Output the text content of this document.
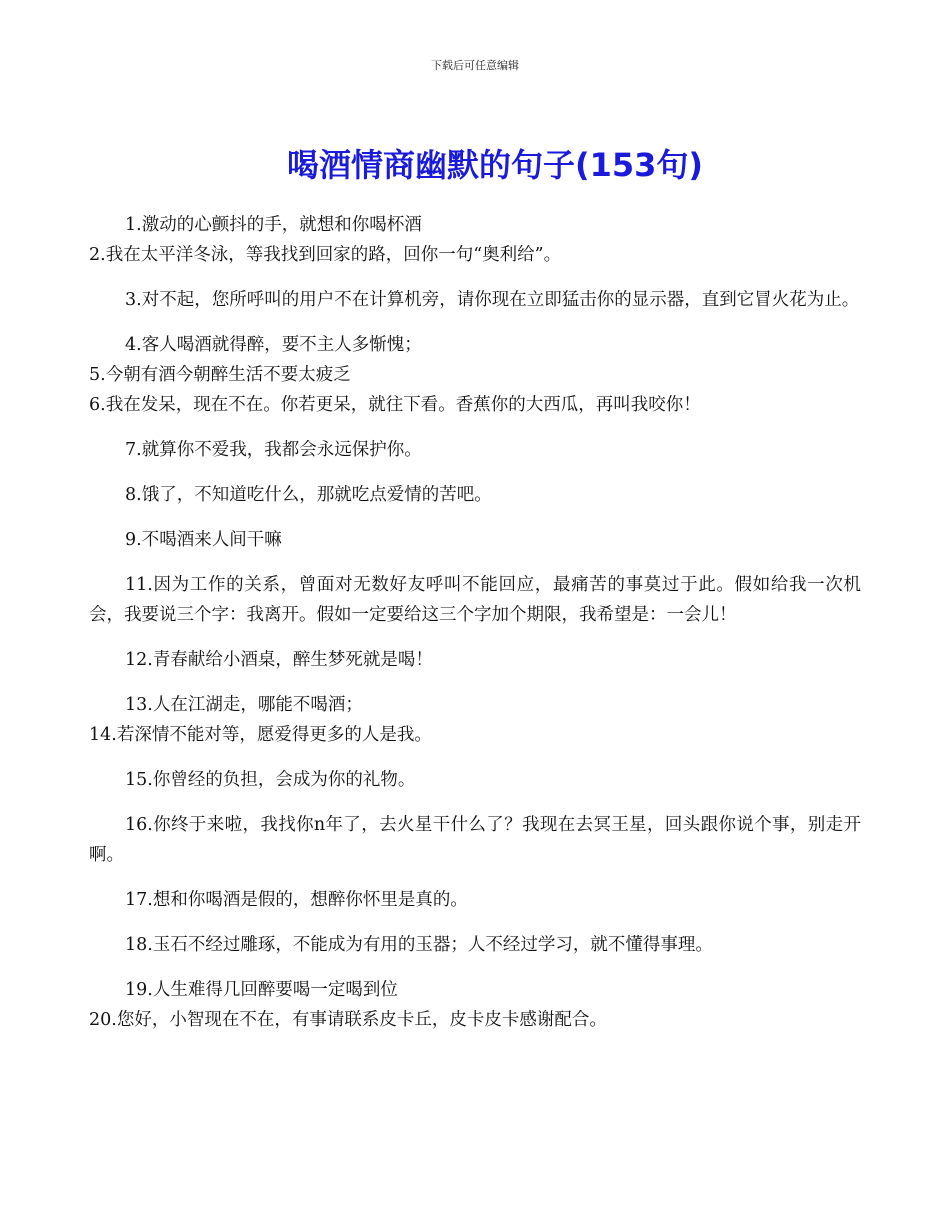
下载后可任意编辑
喝酒情商幽默的句子(153句)

1.激动的心颤抖的手，就想和你喝杯酒

2.我在太平洋冬泳，等我找到回家的路，回你一句“奥利给”。

3.对不起，您所呼叫的用户不在计算机旁，请你现在立即猛击你的显示器，直到它冒火花为止。

4.客人喝酒就得醉，要不主人多惭愧；

5.今朝有酒今朝醉生活不要太疲乏

6.我在发呆，现在不在。你若更呆，就往下看。香蕉你的大西瓜，再叫我咬你！

7.就算你不爱我，我都会永远保护你。

8.饿了，不知道吃什么，那就吃点爱情的苦吧。

9.不喝酒来人间干嘛

11.因为工作的关系，曾面对无数好友呼叫不能回应，最痛苦的事莫过于此。假如给我一次机会，我要说三个字：我离开。假如一定要给这三个字加个期限，我希望是：一会儿！

12.青春献给小酒桌，醉生梦死就是喝！

13.人在江湖走，哪能不喝酒；

14.若深情不能对等，愿爱得更多的人是我。

15.你曾经的负担，会成为你的礼物。

16.你终于来啦，我找你n年了，去火星干什么了？我现在去冥王星，回头跟你说个事，别走开啊。

17.想和你喝酒是假的，想醉你怀里是真的。

18.玉石不经过雕琢，不能成为有用的玉器；人不经过学习，就不懂得事理。

19.人生难得几回醉要喝一定喝到位

20.您好，小智现在不在，有事请联系皮卡丘，皮卡皮卡感谢配合。
